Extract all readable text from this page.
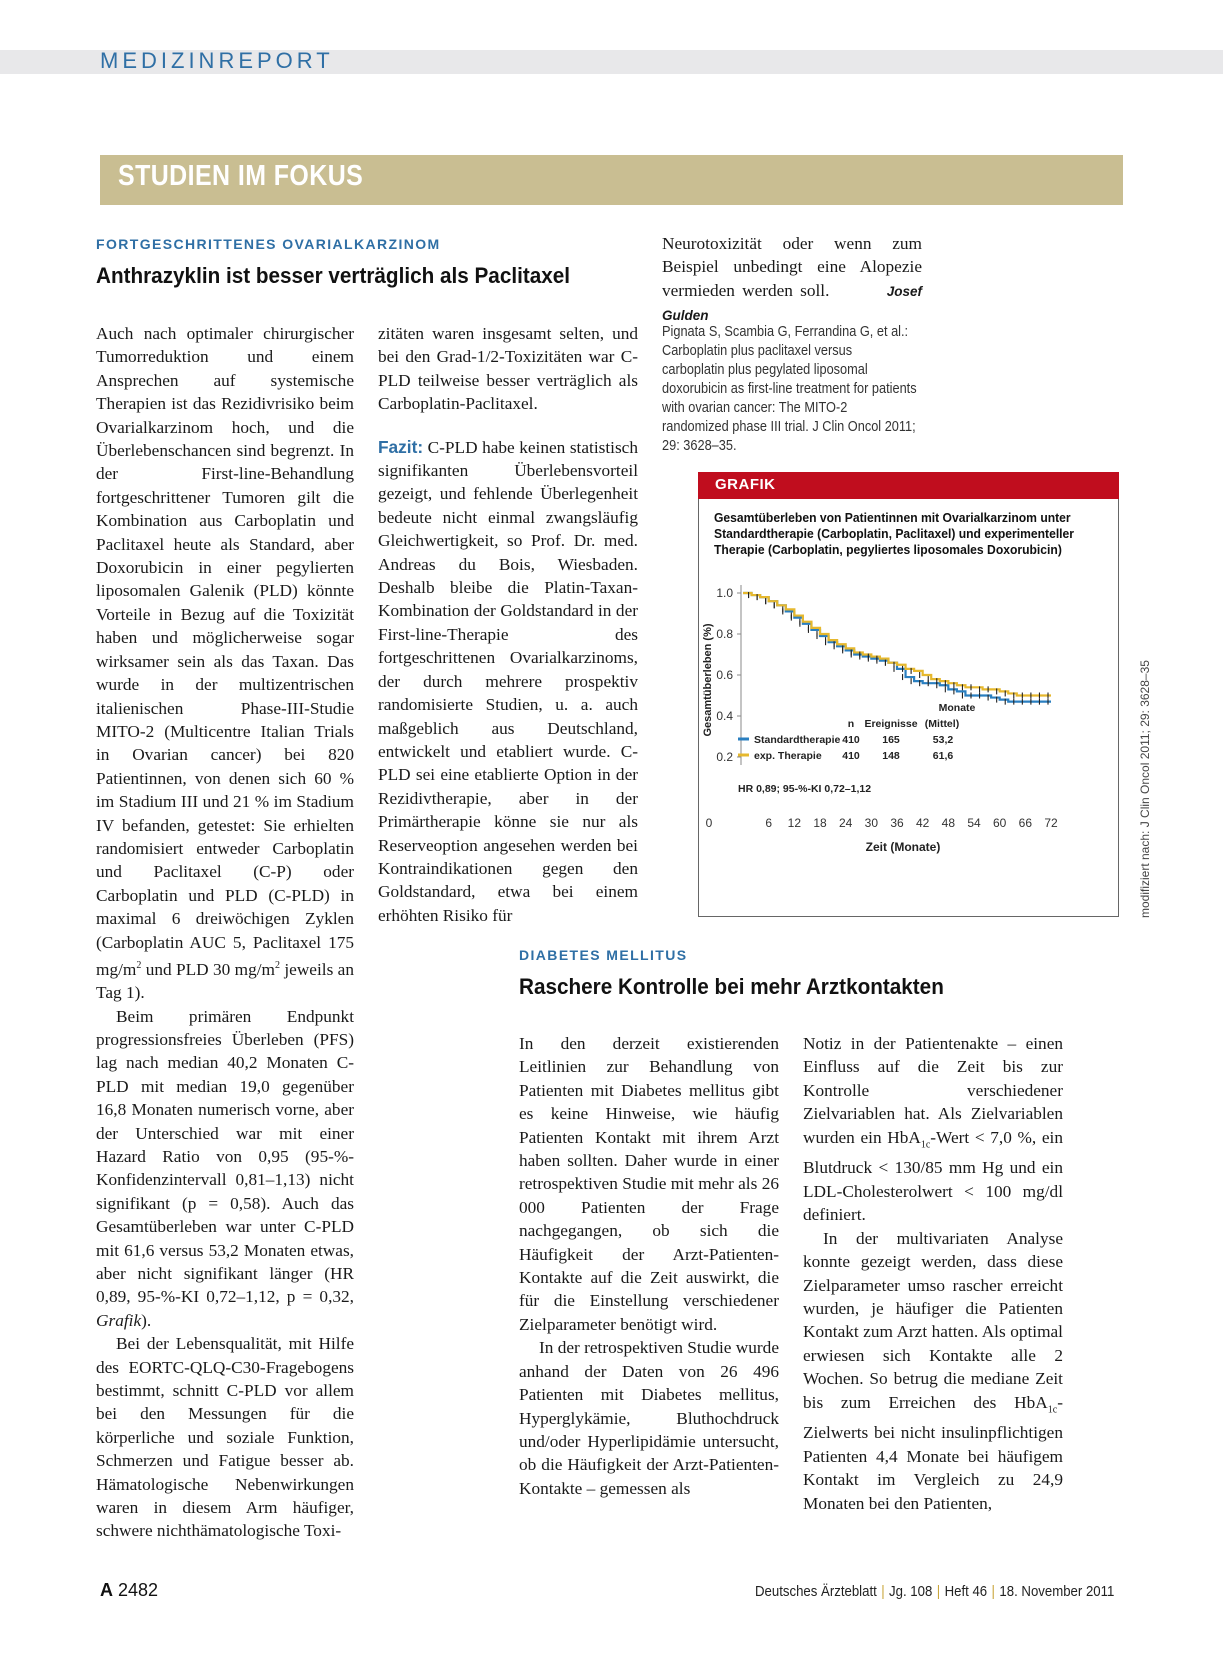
MEDIZINREPORT
STUDIEN IM FOKUS
FORTGESCHRITTENES OVARIALKARZINOM
Anthrazyklin ist besser verträglich als Paclitaxel

Auch nach optimaler chirurgischer Tumorreduktion und einem Ansprechen auf systemische Therapien ist das Rezidivrisiko beim Ovarialkarzinom hoch, und die Überlebenschancen sind begrenzt. In der First-line-Behandlung fortgeschrittener Tumoren gilt die Kombination aus Carboplatin und Paclitaxel heute als Standard, aber Doxorubicin in einer pegylierten liposomalen Galenik (PLD) könnte Vorteile in Bezug auf die Toxizität haben und möglicherweise sogar wirksamer sein als das Taxan. Das wurde in der multizentrischen italienischen Phase-III-Studie MITO-2 (Multicentre Italian Trials in Ovarian cancer) bei 820 Patientinnen, von denen sich 60 % im Stadium III und 21 % im Stadium IV befanden, getestet: Sie erhielten randomisiert entweder Carboplatin und Paclitaxel (C-P) oder Carboplatin und PLD (C-PLD) in maximal 6 dreiwöchigen Zyklen (Carboplatin AUC 5, Paclitaxel 175 $mg/m^2$ und PLD 30 $mg/m^2$ jeweils an Tag 1).

Beim primären Endpunkt progressionsfreies Überleben (PFS) lag nach median 40,2 Monaten C-PLD mit median 19,0 gegenüber 16,8 Monaten numerisch vorne, aber der Unterschied war mit einer Hazard Ratio von 0,95 (95-%-Konfidenzintervall 0,81–1,13) nicht signifikant (p = 0,58). Auch das Gesamtüberleben war unter C-PLD mit 61,6 versus 53,2 Monaten etwas, aber nicht signifikant länger (HR 0,89, 95-%-KI 0,72–1,12, p = 0,32, Grafik).

Bei der Lebensqualität, mit Hilfe des EORTC-QLQ-C30-Fragebogens bestimmt, schnitt C-PLD vor allem bei den Messungen für die körperliche und soziale Funktion, Schmerzen und Fatigue besser ab. Hämatologische Nebenwirkungen waren in diesem Arm häufiger, schwere nichthämatologische Toxi-

zitäten waren insgesamt selten, und bei den Grad-1/2-Toxizitäten war C-PLD teilweise besser verträglich als Carboplatin-Paclitaxel.

Fazit: C-PLD habe keinen statistisch signifikanten Überlebensvorteil gezeigt, und fehlende Überlegenheit bedeute nicht einmal zwangsläufig Gleichwertigkeit, so Prof. Dr. med. Andreas du Bois, Wiesbaden. Deshalb bleibe die Platin-Taxan-Kombination der Goldstandard in der First-line-Therapie des fortgeschrittenen Ovarialkarzinoms, der durch mehrere prospektiv randomisierte Studien, u. a. auch maßgeblich aus Deutschland, entwickelt und etabliert wurde. C-PLD sei eine etablierte Option in der Rezidivtherapie, aber in der Primärtherapie könne sie nur als Reserveoption angesehen werden bei Kontraindikationen gegen den Goldstandard, etwa bei einem erhöhten Risiko für

Neurotoxizität oder wenn zum Beispiel unbedingt eine Alopezie vermieden werden soll.	Josef Gulden

Pignata S, Scambia G, Ferrandina G, et al.: Carboplatin plus paclitaxel versus carboplatin plus pegylated liposomal doxorubicin as first-line treatment for patients with ovarian cancer: The MITO-2 randomized phase III trial. J Clin Oncol 2011; 29: 3628–35.
GRAFIK
Gesamtüberleben von Patientinnen mit Ovarialkarzinom unter Standardtherapie (Carboplatin, Paclitaxel) und experimenteller Therapie (Carboplatin, pegyliertes liposomales Doxorubicin)
0.2
0.4
0.6
0.8
1.0
Gesamtüberleben (%)
0	6 12 18 24 30 36 42 48 54 60 66 72
Zeit (Monate)
Monate
n Ereignisse (Mittel)
Standardtherapie 410 165	53,2
exp. Therapie 410 148	61,6
HR 0,89; 95-%-KI 0,72–1,12	modifiziert nach: J Clin Oncol 2011; 29: 3628–35
DIABETES MELLITUS
Raschere Kontrolle bei mehr Arztkontakten

In den derzeit existierenden Leitlinien zur Behandlung von Patienten mit Diabetes mellitus gibt es keine Hinweise, wie häufig Patienten Kontakt mit ihrem Arzt haben sollten. Daher wurde in einer retrospektiven Studie mit mehr als 26 000 Patienten der Frage nachgegangen, ob sich die Häufigkeit der Arzt-Patienten-Kontakte auf die Zeit auswirkt, die für die Einstellung verschiedener Zielparameter benötigt wird.

In der retrospektiven Studie wurde anhand der Daten von 26 496 Patienten mit Diabetes mellitus, Hyperglykämie, Bluthochdruck und/oder Hyperlipidämie untersucht, ob die Häufigkeit der Arzt-Patienten-Kontakte – gemessen als

Notiz in der Patientenakte – einen Einfluss auf die Zeit bis zur Kontrolle verschiedener Zielvariablen hat. Als Zielvariablen wurden ein HbA$_{1c}$-Wert < 7,0 %, ein Blutdruck < 130/85 mm Hg und ein LDL-Cholesterolwert < 100 mg/dl definiert.

In der multivariaten Analyse konnte gezeigt werden, dass diese Zielparameter umso rascher erreicht wurden, je häufiger die Patienten Kontakt zum Arzt hatten. Als optimal erwiesen sich Kontakte alle 2 Wochen. So betrug die mediane Zeit bis zum Erreichen des HbA$_{1c}$-Zielwerts bei nicht insulinpflichtigen Patienten 4,4 Monate bei häufigem Kontakt im Vergleich zu 24,9 Monaten bei den Patienten,

A 2482	Deutsches Ärzteblatt | Jg. 108 | Heft 46 | 18. November 2011
